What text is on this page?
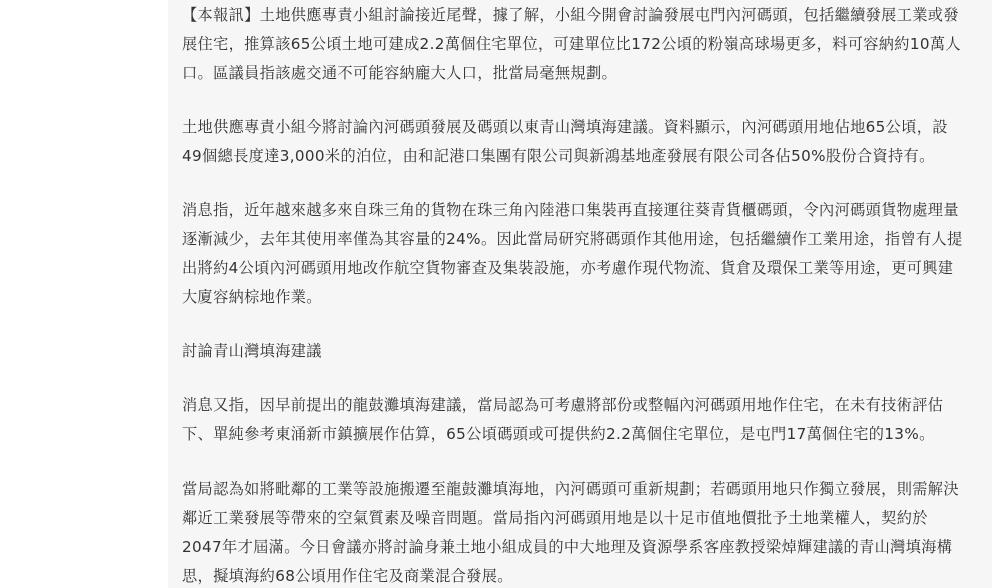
【本報訊】土地供應專責小組討論接近尾聲，據了解，小組今開會討論發展屯門內河碼頭，包括繼續發展工業或發
展住宅，推算該65公頃土地可建成2.2萬個住宅單位，可建單位比172公頃的粉嶺高球場更多，料可容納約10萬人
口。區議員指該處交通不可能容納龐大人口，批當局毫無規劃。
土地供應專責小組今將討論內河碼頭發展及碼頭以東青山灣填海建議。資料顯示，內河碼頭用地佔地65公頃，設
49個總長度達3,000米的泊位，由和記港口集團有限公司與新鴻基地產發展有限公司各佔50%股份合資持有。
消息指，近年越來越多來自珠三角的貨物在珠三角內陸港口集裝再直接運往葵青貨櫃碼頭，令內河碼頭貨物處理量
逐漸減少，去年其使用率僅為其容量的24%。因此當局研究將碼頭作其他用途，包括繼續作工業用途，指曾有人提
出將約4公頃內河碼頭用地改作航空貨物審查及集裝設施，亦考慮作現代物流、貨倉及環保工業等用途，更可興建
大廈容納棕地作業。
討論青山灣填海建議
消息又指，因早前提出的龍鼓灘填海建議，當局認為可考慮將部份或整幅內河碼頭用地作住宅，在未有技術評估
下、單純參考東涌新市鎮擴展作估算，65公頃碼頭或可提供約2.2萬個住宅單位，是屯門17萬個住宅的13%。
當局認為如將毗鄰的工業等設施搬遷至龍鼓灘填海地，內河碼頭可重新規劃；若碼頭用地只作獨立發展，則需解決
鄰近工業發展等帶來的空氣質素及噪音問題。當局指內河碼頭用地是以十足市值地價批予土地業權人，契約於
2047年才屆滿。今日會議亦將討論身兼土地小組成員的中大地理及資源學系客座教授梁焯輝建議的青山灣填海構
思，擬填海約68公頃用作住宅及商業混合發展。
